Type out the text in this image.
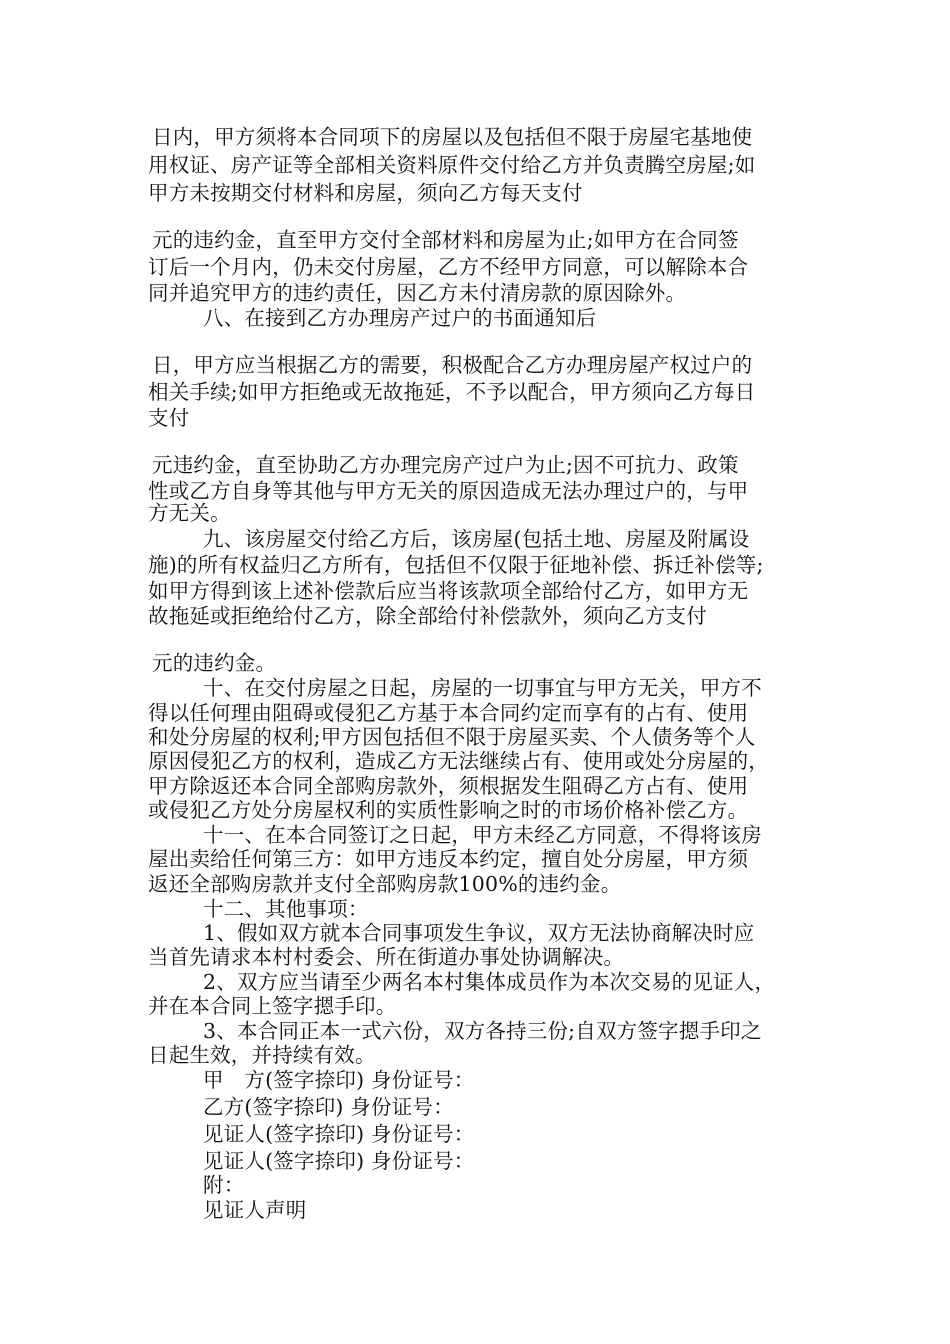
日内，甲方须将本合同项下的房屋以及包括但不限于房屋宅基地使
用权证、房产证等全部相关资料原件交付给乙方并负责腾空房屋;如
甲方未按期交付材料和房屋，须向乙方每天支付
元的违约金，直至甲方交付全部材料和房屋为止;如甲方在合同签
订后一个月内，仍未交付房屋，乙方不经甲方同意，可以解除本合
同并追究甲方的违约责任，因乙方未付清房款的原因除外。
八、在接到乙方办理房产过户的书面通知后
日，甲方应当根据乙方的需要，积极配合乙方办理房屋产权过户的
相关手续;如甲方拒绝或无故拖延，不予以配合，甲方须向乙方每日
支付
元违约金，直至协助乙方办理完房产过户为止;因不可抗力、政策
性或乙方自身等其他与甲方无关的原因造成无法办理过户的，与甲
方无关。
九、该房屋交付给乙方后，该房屋(包括土地、房屋及附属设
施)的所有权益归乙方所有，包括但不仅限于征地补偿、拆迁补偿等;
如甲方得到该上述补偿款后应当将该款项全部给付乙方，如甲方无
故拖延或拒绝给付乙方，除全部给付补偿款外，须向乙方支付
元的违约金。
十、在交付房屋之日起，房屋的一切事宜与甲方无关，甲方不
得以任何理由阻碍或侵犯乙方基于本合同约定而享有的占有、使用
和处分房屋的权利;甲方因包括但不限于房屋买卖、个人债务等个人
原因侵犯乙方的权利，造成乙方无法继续占有、使用或处分房屋的，
甲方除返还本合同全部购房款外，须根据发生阻碍乙方占有、使用
或侵犯乙方处分房屋权利的实质性影响之时的市场价格补偿乙方。
十一、在本合同签订之日起，甲方未经乙方同意，不得将该房
屋出卖给任何第三方：如甲方违反本约定，擅自处分房屋，甲方须
返还全部购房款并支付全部购房款100%的违约金。
十二、其他事项：
1、假如双方就本合同事项发生争议，双方无法协商解决时应
当首先请求本村村委会、所在街道办事处协调解决。
2、双方应当请至少两名本村集体成员作为本次交易的见证人，
并在本合同上签字摁手印。
3、本合同正本一式六份，双方各持三份;自双方签字摁手印之
日起生效，并持续有效。
甲　方(签字捺印) 身份证号：
乙方(签字捺印) 身份证号：
见证人(签字捺印) 身份证号：
见证人(签字捺印) 身份证号：
附：
见证人声明
